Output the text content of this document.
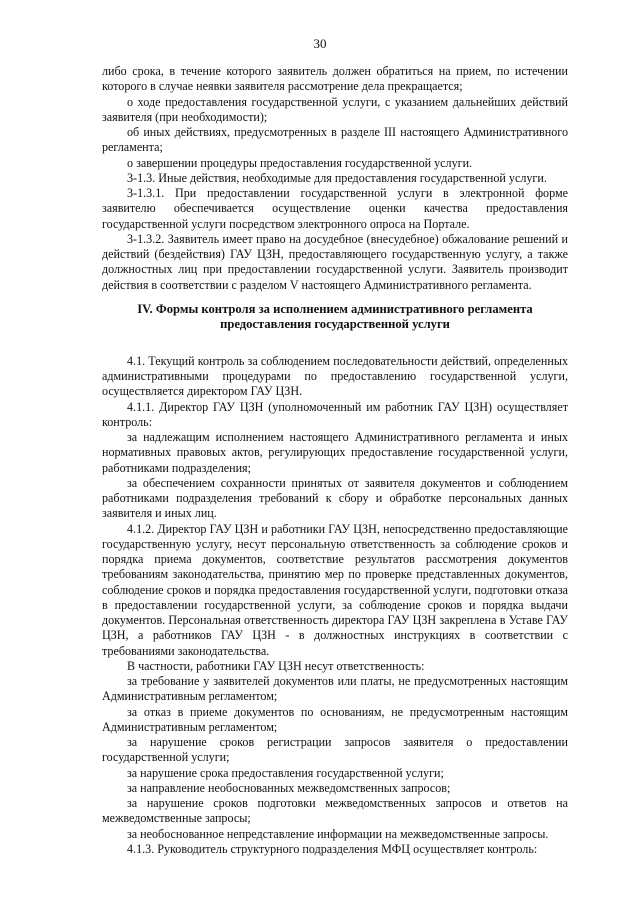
30

либо срока, в течение которого заявитель должен обратиться на прием, по истечении которого в случае неявки заявителя рассмотрение дела прекращается;

о ходе предоставления государственной услуги, с указанием дальнейших действий заявителя (при необходимости);

об иных действиях, предусмотренных в разделе III настоящего Административного регламента;

о завершении процедуры предоставления государственной услуги.

3-1.3. Иные действия, необходимые для предоставления государственной услуги.

3-1.3.1. При предоставлении государственной услуги в электронной форме заявителю обеспечивается осуществление оценки качества предоставления государственной услуги посредством электронного опроса на Портале.

3-1.3.2. Заявитель имеет право на досудебное (внесудебное) обжалование решений и действий (бездействия) ГАУ ЦЗН, предоставляющего государственную услугу, а также должностных лиц при предоставлении государственной услуги. Заявитель производит действия в соответствии с разделом V настоящего Административного регламента.

IV. Формы контроля за исполнением административного регламента предоставления государственной услуги

4.1. Текущий контроль за соблюдением последовательности действий, определенных административными процедурами по предоставлению государственной услуги, осуществляется директором ГАУ ЦЗН.

4.1.1. Директор ГАУ ЦЗН (уполномоченный им работник ГАУ ЦЗН) осуществляет контроль:

за надлежащим исполнением настоящего Административного регламента и иных нормативных правовых актов, регулирующих предоставление государственной услуги, работниками подразделения;

за обеспечением сохранности принятых от заявителя документов и соблюдением работниками подразделения требований к сбору и обработке персональных данных заявителя и иных лиц.

4.1.2. Директор ГАУ ЦЗН и работники ГАУ ЦЗН, непосредственно предоставляющие государственную услугу, несут персональную ответственность за соблюдение сроков и порядка приема документов, соответствие результатов рассмотрения документов требованиям законодательства, принятию мер по проверке представленных документов, соблюдение сроков и порядка предоставления государственной услуги, подготовки отказа в предоставлении государственной услуги, за соблюдение сроков и порядка выдачи документов. Персональная ответственность директора ГАУ ЦЗН закреплена в Уставе ГАУ ЦЗН, а работников ГАУ ЦЗН - в должностных инструкциях в соответствии с требованиями законодательства.

В частности, работники ГАУ ЦЗН несут ответственность:

за требование у заявителей документов или платы, не предусмотренных настоящим Административным регламентом;

за отказ в приеме документов по основаниям, не предусмотренным настоящим Административным регламентом;

за нарушение сроков регистрации запросов заявителя о предоставлении государственной услуги;

за нарушение срока предоставления государственной услуги;

за направление необоснованных межведомственных запросов;

за нарушение сроков подготовки межведомственных запросов и ответов на межведомственные запросы;

за необоснованное непредставление информации на межведомственные запросы.

4.1.3. Руководитель структурного подразделения МФЦ осуществляет контроль:
